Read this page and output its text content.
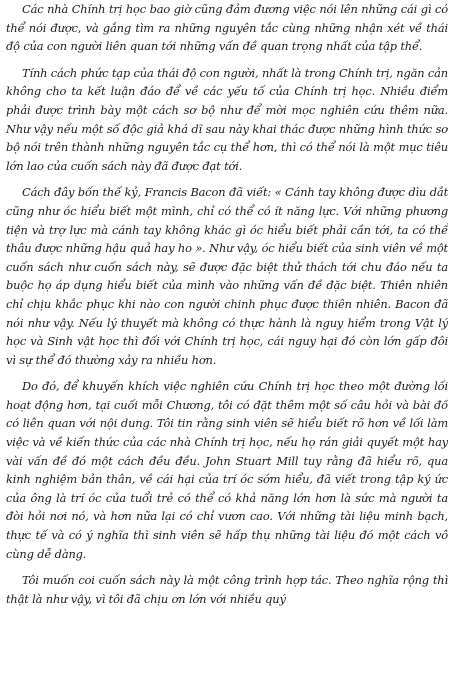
Các nhà Chính trị học bao giờ cũng đảm đương việc nói lên những cái gì có thể nói được, và gắng tìm ra những nguyên tắc cùng những nhận xét về thái độ của con người liên quan tới những vấn đề quan trọng nhất của tập thể.

Tính cách phức tạp của thái độ con người, nhất là trong Chính trị, ngăn cản không cho ta kết luận đáo để về các yếu tố của Chính trị học. Nhiều điểm phải được trình bày một cách sơ bộ như để mời mọc nghiên cứu thêm nữa. Như vậy nếu một số độc giả khá dĩ sau này khai thác được những hình thức sơ bộ nói trên thành những nguyên tắc cụ thể hơn, thì có thể nói là một mục tiêu lớn lao của cuốn sách này đã được đạt tới.

Cách đây bốn thế kỷ, Francis Bacon đã viết: « Cánh tay không được dìu dắt cũng như óc hiểu biết một mình, chỉ có thể có ít năng lực. Với những phương tiện và trợ lực mà cánh tay không khác gì óc hiểu biết phải cần tới, ta có thể thâu được những hậu quả hay ho ». Như vậy, óc hiểu biết của sinh viên về một cuốn sách như cuốn sách này, sẽ được đặc biệt thử thách tới chu đáo nếu ta buộc họ áp dụng hiểu biết của mình vào những vấn đề đặc biệt. Thiên nhiên chỉ chịu khắc phục khi nào con người chinh phục được thiên nhiên. Bacon đã nói như vậy. Nếu lý thuyết mà không có thực hành là nguy hiểm trong Vật lý học và Sinh vật học thì đối với Chính trị học, cái nguy hại đó còn lớn gấp đôi vì sự thể đó thường xảy ra nhiều hơn.

Do đó, để khuyến khích việc nghiên cứu Chính trị học theo một đường lối hoạt động hơn, tại cuối mỗi Chương, tôi có đặt thêm một số câu hỏi và bài đố có liên quan với nội dung. Tôi tin rằng sinh viên sẽ hiểu biết rõ hơn về lối làm việc và về kiến thức của các nhà Chính trị học, nếu họ rán giải quyết một hay vài vấn đề đó một cách đều đều. John Stuart Mill tuy rằng đã hiểu rõ, qua kinh nghiệm bản thân, về cái hại của trí óc sớm hiểu, đã viết trong tập ký ức của ông là trí óc của tuổi trẻ có thể có khả năng lớn hơn là sức mà người ta đòi hỏi nơi nó, và hơn nữa lại có chỉ vươn cao. Với những tài liệu minh bạch, thực tế và có ý nghĩa thì sinh viên sẽ hấp thụ những tài liệu đó một cách vô cùng dễ dàng.

Tôi muốn coi cuốn sách này là một công trình hợp tác. Theo nghĩa rộng thì thật là như vậy, vì tôi đã chịu ơn lớn với nhiều quý
